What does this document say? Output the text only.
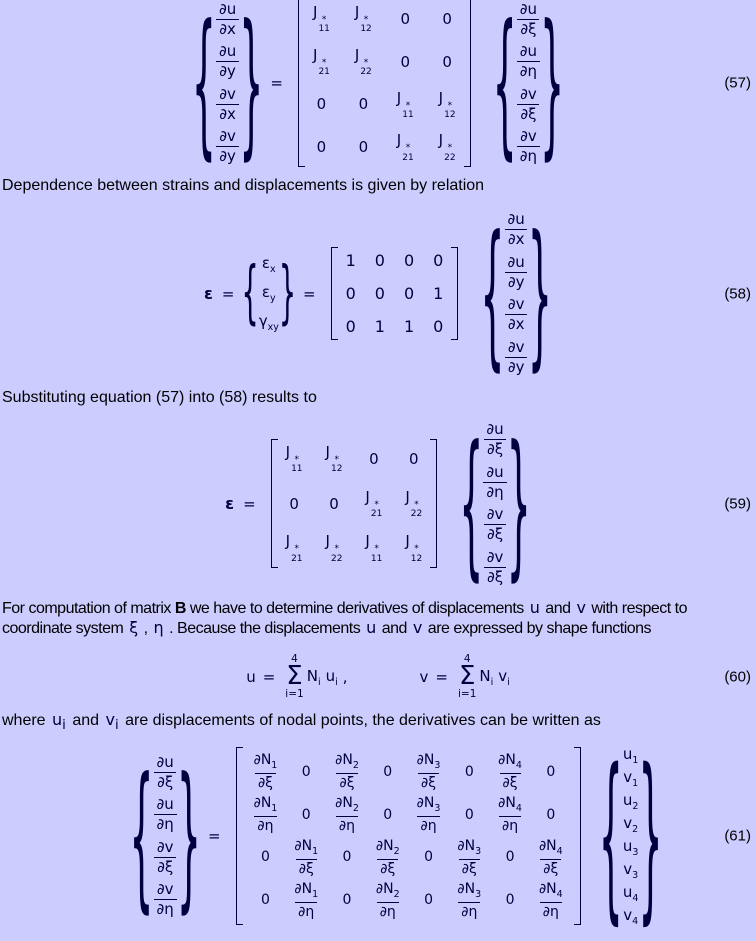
{
$\frac{\partial u}{\partial x}$
$\frac{\partial u}{\partial y}$
$\frac{\partial v}{\partial x}$
$\frac{\partial v}{\partial y}$
}
=
J *
11
J *
12
0 0
J *
21
J *
22
0 0
0 0 J *
11
J *
12
0 0 J *
21
J *
22
{
$\frac{\partial u}{\partial\xi}$
$\frac{\partial u}{\partial\eta}$
$\frac{\partial v}{\partial\xi}$
$\frac{\partial v}{\partial\eta}$
}
(57)
Dependence between strains and displacements is given by relation
ε =
{
$\varepsilon_x$
$\varepsilon_y$
$\gamma_{xy}$
}
=
1 0 0 0
0 0 0 1
0 1 1 0
{
$\frac{\partial u}{\partial x}$
$\frac{\partial u}{\partial y}$
$\frac{\partial v}{\partial x}$
$\frac{\partial v}{\partial y}$
}
(58)
Substituting equation (57) into (58) results to
ε =
J *
11
J *
12
0 0
0 0 J *
21
J *
22
J *
21
J *
22
J *
11
J *
12
{
$\frac{\partial u}{\partial\xi}$
$\frac{\partial u}{\partial\eta}$
$\frac{\partial v}{\partial\xi}$
$\frac{\partial v}{\partial\xi}$
}
(59)
For computation of matrix B we have to determine derivatives of displacements u and v with respect to
coordinate system ξ , η . Because the displacements u and v are expressed by shape functions
u =
4
Σ
i=1
$N_i$ $u_i$ ,	v =
4
Σ
i=1
$N_i$ $v_i$	(60)
where $u_i$ and $v_i$ are displacements of nodal points, the derivatives can be written as
{
$\frac{\partial u}{\partial\xi}$
$\frac{\partial u}{\partial\eta}$
$\frac{\partial v}{\partial\xi}$
$\frac{\partial v}{\partial\eta}$
}
=
$\frac{\partial N_1}{\partial\xi} 0 \frac{\partial N_2}{\partial\xi} 0 \frac{\partial N_3}{\partial\xi} 0 \frac{\partial N_4}{\partial\xi} 0$
$\frac{\partial N_1}{\partial\eta} 0 \frac{\partial N_2}{\partial\eta} 0 \frac{\partial N_3}{\partial\eta} 0 \frac{\partial N_4}{\partial\eta} 0$
$0 \frac{\partial N_1}{\partial\xi} 0 \frac{\partial N_2}{\partial\xi} 0 \frac{\partial N_3}{\partial\xi} 0 \frac{\partial N_4}{\partial\xi}$
$0 \frac{\partial N_1}{\partial\eta} 0 \frac{\partial N_2}{\partial\eta} 0 \frac{\partial N_3}{\partial\eta} 0 \frac{\partial N_4}{\partial\eta}$
{
$u_1$
$v_1$
$u_2$
$v_2$
$u_3$
$v_3$
$u_4$
$v_4$
}
(61)
